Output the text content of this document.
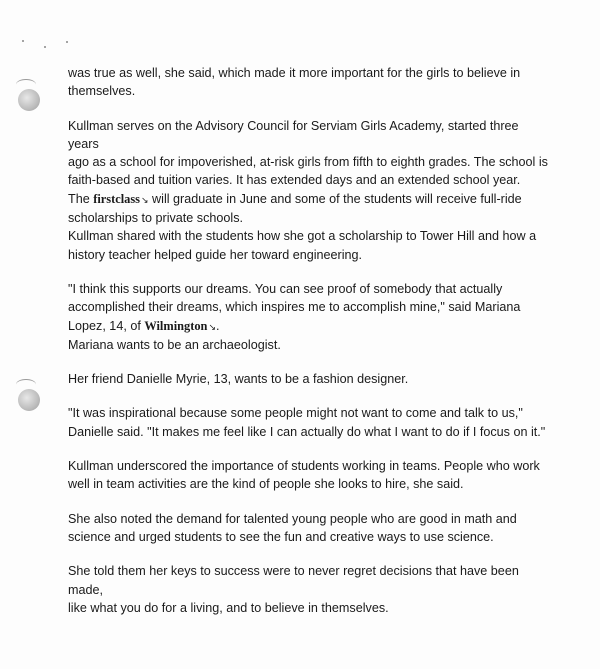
was true as well, she said, which made it more important for the girls to believe in
themselves.

Kullman serves on the Advisory Council for Serviam Girls Academy, started three years
ago as a school for impoverished, at-risk girls from fifth to eighth grades. The school is
faith-based and tuition varies. It has extended days and an extended school year.
The firstclass↘ will graduate in June and some of the students will receive full-ride
scholarships to private schools.
Kullman shared with the students how she got a scholarship to Tower Hill and how a
history teacher helped guide her toward engineering.

"I think this supports our dreams. You can see proof of somebody that actually
accomplished their dreams, which inspires me to accomplish mine," said Mariana
Lopez, 14, of Wilmington↘.
Mariana wants to be an archaeologist.

Her friend Danielle Myrie, 13, wants to be a fashion designer.

"It was inspirational because some people might not want to come and talk to us,"
Danielle said. "It makes me feel like I can actually do what I want to do if I focus on it."

Kullman underscored the importance of students working in teams. People who work
well in team activities are the kind of people she looks to hire, she said.

She also noted the demand for talented young people who are good in math and
science and urged students to see the fun and creative ways to use science.

She told them her keys to success were to never regret decisions that have been made,
like what you do for a living, and to believe in themselves.
